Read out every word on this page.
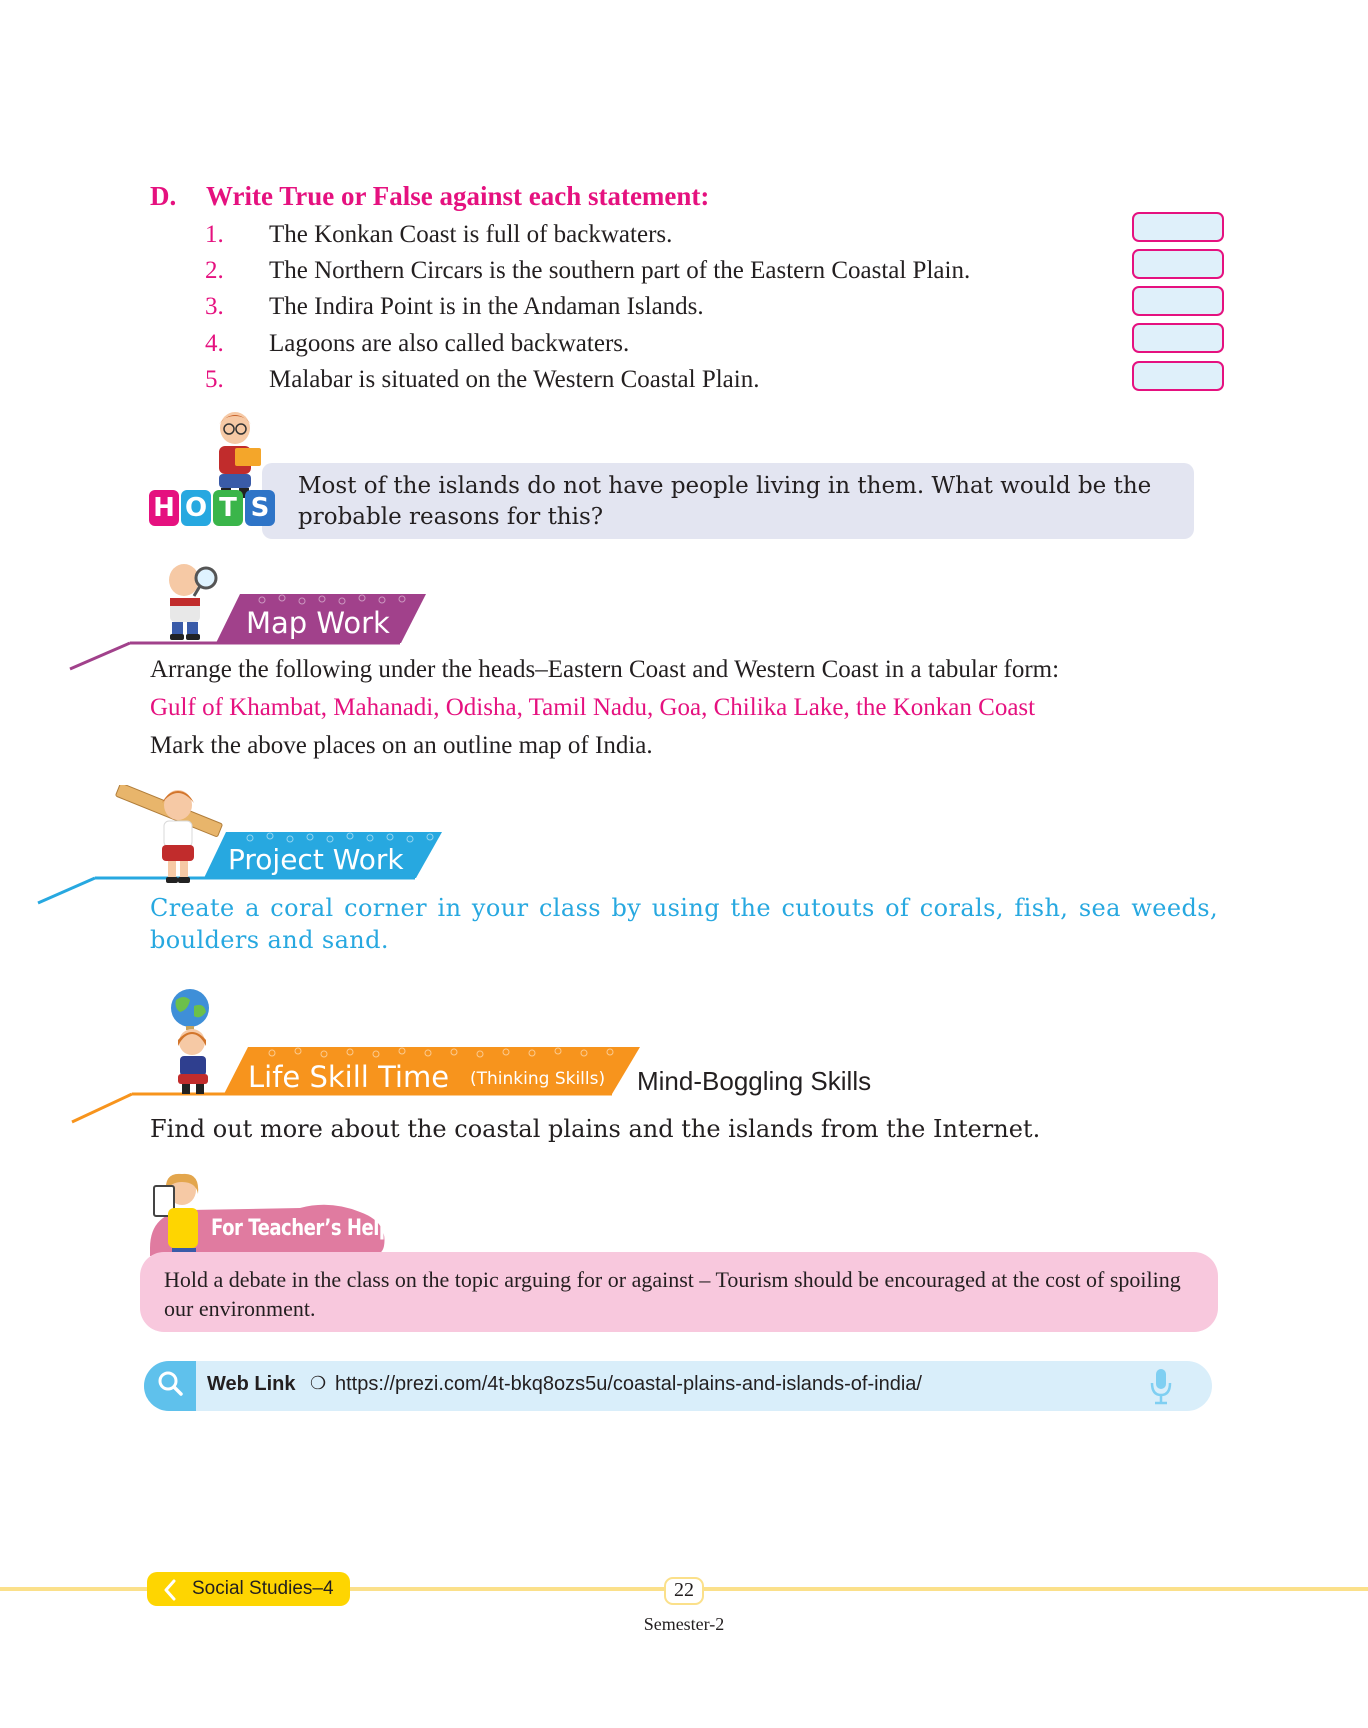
D. Write True or False against each statement:
1. The Konkan Coast is full of backwaters.
2. The Northern Circars is the southern part of the Eastern Coastal Plain.
3. The Indira Point is in the Andaman Islands.
4. Lagoons are also called backwaters.
5. Malabar is situated on the Western Coastal Plain.
H O T S
Most of the islands do not have people living in them. What would be the probable reasons for this?
Map Work
Arrange the following under the heads–Eastern Coast and Western Coast in a tabular form:
Gulf of Khambat, Mahanadi, Odisha, Tamil Nadu, Goa, Chilika Lake, the Konkan Coast
Mark the above places on an outline map of India.
Project Work
Create a coral corner in your class by using the cutouts of corals, fish, sea weeds, boulders and sand.
Life Skill Time (Thinking Skills) Mind-Boggling Skills
Find out more about the coastal plains and the islands from the Internet.
For Teacher’s Help
Hold a debate in the class on the topic arguing for or against – Tourism should be encouraged at the cost of spoiling our environment.
Web Link ❍ https://prezi.com/4t-bkq8ozs5u/coastal-plains-and-islands-of-india/
Social Studies–4	22
Semester-2
